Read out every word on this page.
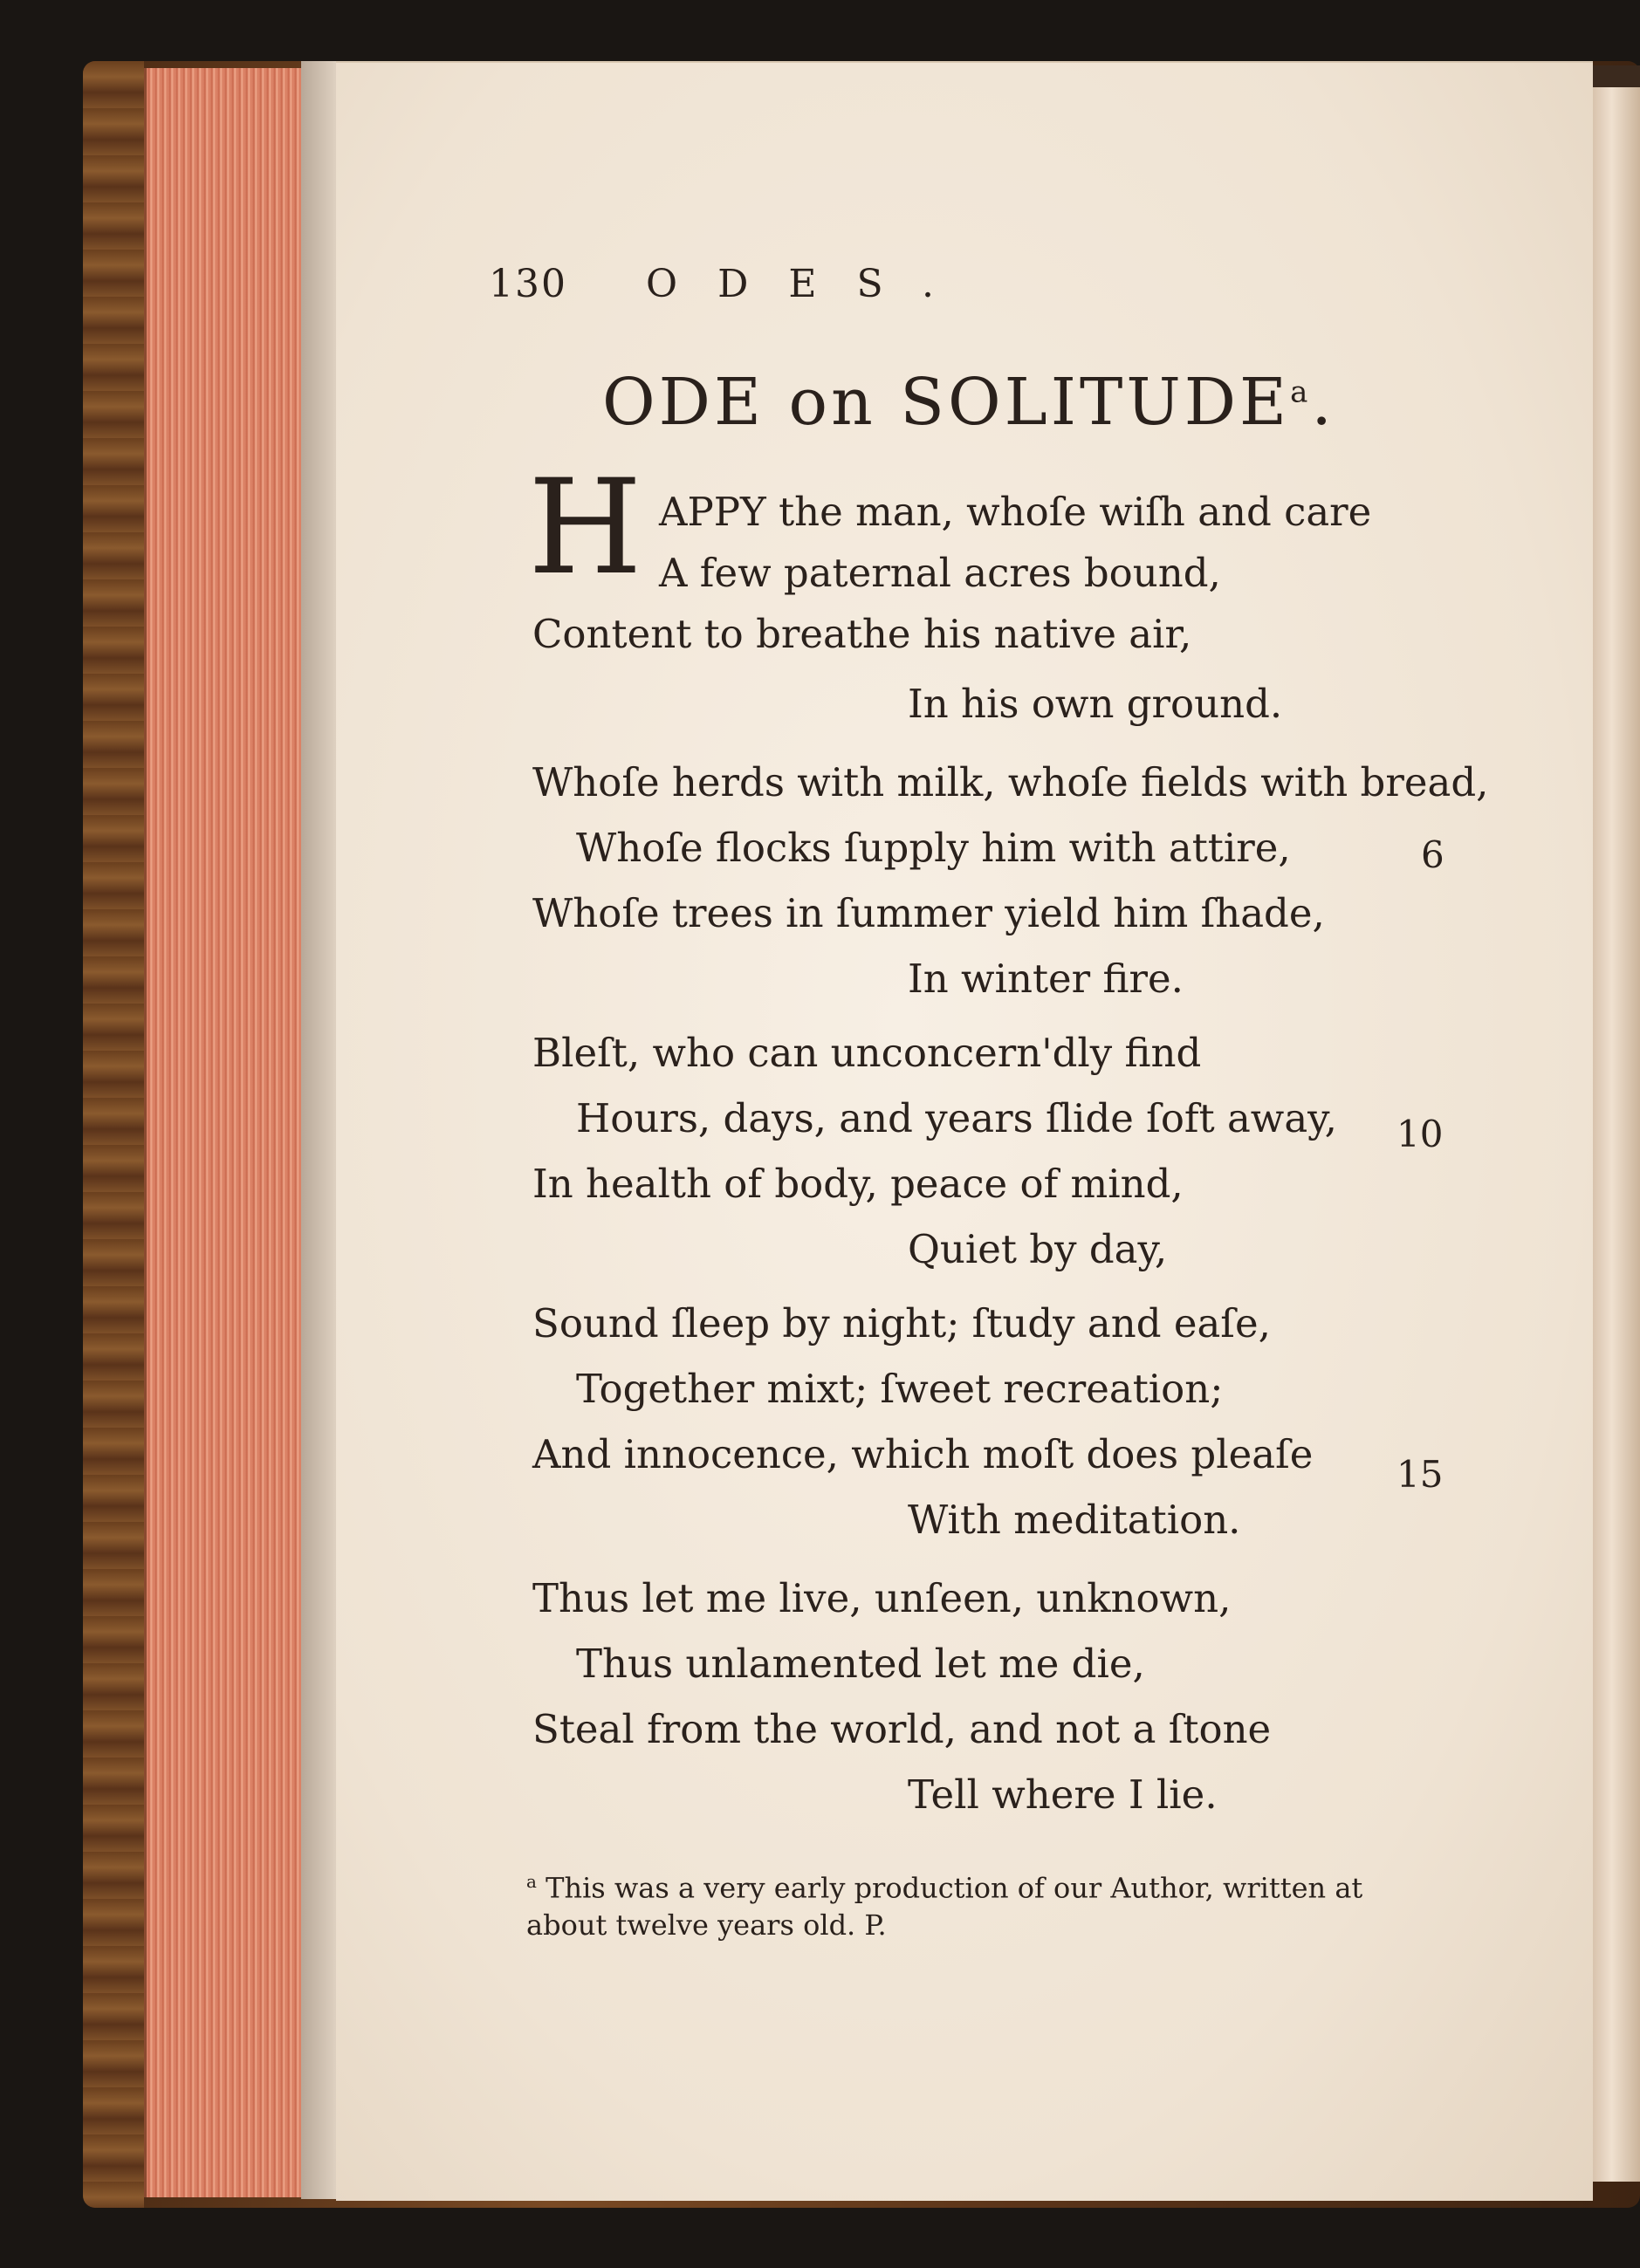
130 ODES.
ODE on SOLITUDE$^a$.
H APPY the man, whoſe wiſh and care
A few paternal acres bound,
Content to breathe his native air,
In his own ground.
Whoſe herds with milk, whoſe fields with bread,
Whoſe flocks ſupply him with attire,
Whoſe trees in ſummer yield him ſhade,
In winter fire.
Bleſt, who can unconcern'dly find
Hours, days, and years ſlide ſoft away,
In health of body, peace of mind,
Quiet by day,
Sound ſleep by night; ſtudy and eaſe,
Together mixt; ſweet recreation;
And innocence, which moſt does pleaſe
With meditation.
Thus let me live, unſeen, unknown,
Thus unlamented let me die,
Steal from the world, and not a ſtone
Tell where I lie.
6
10
15
$^a$ This was a very early production of our Author, written at about twelve years old. P.
